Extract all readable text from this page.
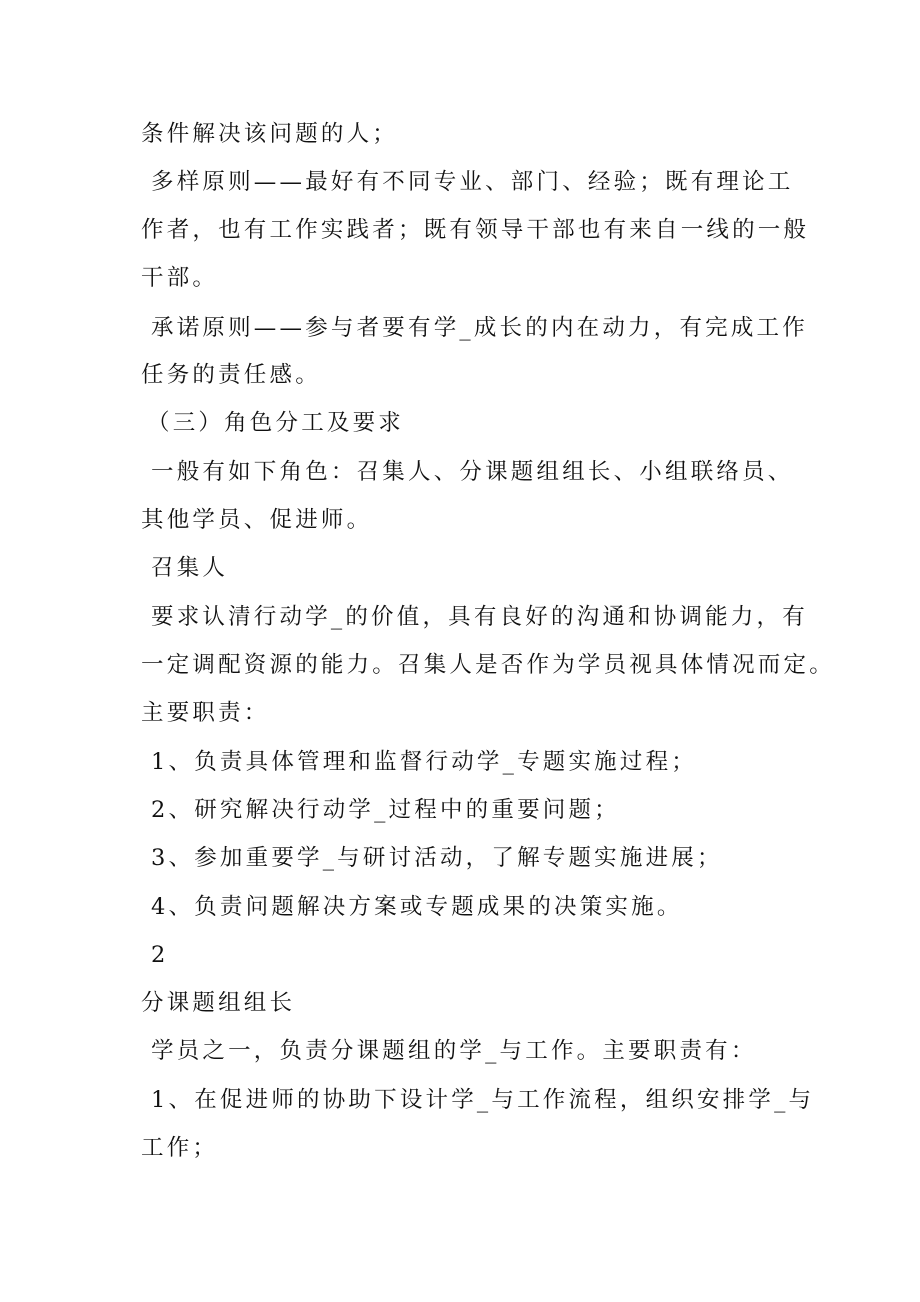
条件解决该问题的人；

多样原则——最好有不同专业、部门、经验；既有理论工

作者，也有工作实践者；既有领导干部也有来自一线的一般

干部。

承诺原则——参与者要有学_成长的内在动力，有完成工作

任务的责任感。

（三）角色分工及要求

一般有如下角色：召集人、分课题组组长、小组联络员、

其他学员、促进师。

召集人

要求认清行动学_的价值，具有良好的沟通和协调能力，有

一定调配资源的能力。召集人是否作为学员视具体情况而定。

主要职责：

1、负责具体管理和监督行动学_专题实施过程；

2、研究解决行动学_过程中的重要问题；

3、参加重要学_与研讨活动，了解专题实施进展；

4、负责问题解决方案或专题成果的决策实施。

2

分课题组组长

学员之一，负责分课题组的学_与工作。主要职责有：

1、在促进师的协助下设计学_与工作流程，组织安排学_与

工作；
